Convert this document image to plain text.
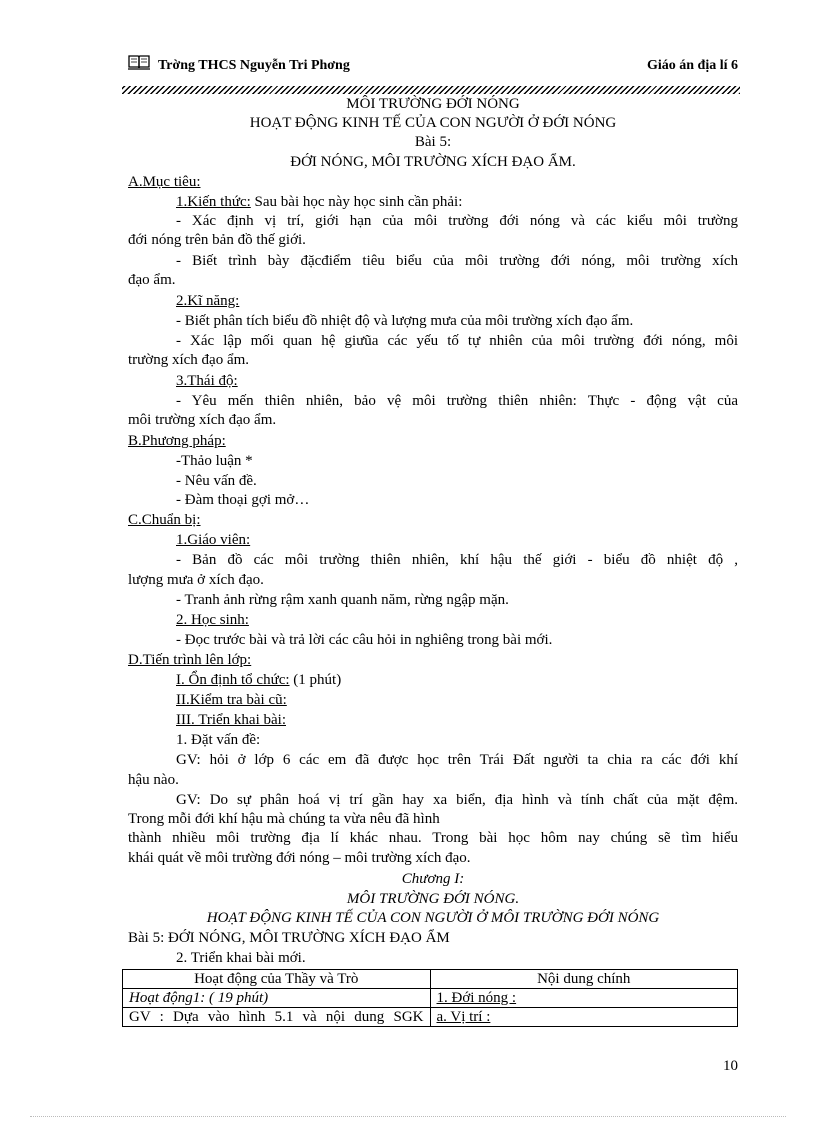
Trờng THCS Nguyễn Tri Phơng	Giáo án địa lí 6
MÔI TRƯỜNG ĐỚI NÓNG
HOẠT ĐỘNG KINH TẾ CỦA CON NGƯỜI Ở ĐỚI NÓNG
Bài 5:
ĐỚI NÓNG, MÔI TRƯỜNG XÍCH ĐẠO ẨM.
A.Mục tiêu:
1.Kiến thức: Sau bài học này học sinh cần phải:
- Xác định vị trí, giới hạn của môi trường đới nóng và các kiểu môi trường
đới nóng trên bản đồ thế giới.
- Biết trình bày đặcđiểm tiêu biểu của môi trường đới nóng, môi trường xích
đạo ẩm.
2.Kĩ năng:
- Biết phân tích biểu đồ nhiệt độ và lượng mưa của môi trường xích đạo ẩm.
- Xác lập mối quan hệ giưũa các yếu tố tự nhiên của môi trường đới nóng, môi
trường xích đạo ẩm.
3.Thái độ:
- Yêu mến thiên nhiên, bảo vệ môi trường thiên nhiên: Thực - động vật của
môi trường xích đạo ẩm.
B.Phương pháp:
-Thảo luận *
- Nêu vấn đề.
- Đàm thoại gợi mở…
C.Chuẩn bị:
1.Giáo viên:
- Bản đồ các môi trường thiên nhiên, khí hậu thế giới - biểu đồ nhiệt độ ,
lượng mưa ở xích đạo.
- Tranh ảnh rừng rậm xanh quanh năm, rừng ngập mặn.
2. Học sinh:
- Đọc trước bài và trả lời các câu hỏi in nghiêng trong bài mới.
D.Tiến trình lên lớp:
I. Ổn định tổ chức: (1 phút)
II.Kiểm tra bài cũ:
III. Triển khai bài:
1. Đặt vấn đề:
GV: hỏi ở lớp 6 các em đã được học trên Trái Đất người ta chia ra các đới khí
hậu nào.
GV: Do sự phân hoá vị trí gần hay xa biển, địa hình và tính chất của mặt đệm.
Trong mỗi đới khí hậu mà chúng ta vừa nêu đã hình
thành nhiều môi trường địa lí khác nhau. Trong bài học hôm nay chúng sẽ tìm hiểu
khái quát về môi trường đới nóng – môi trường xích đạo.
Chương I:
MÔI TRƯỜNG ĐỚI NÓNG.
HOẠT ĐỘNG KINH TẾ CỦA CON NGƯỜI Ở MÔI TRƯỜNG ĐỚI NÓNG
Bài 5: ĐỚI NÓNG, MÔI TRƯỜNG XÍCH ĐẠO ẨM
2. Triển khai bài mới.
Hoạt động của Thầy và Trò	Nội dung chính
Hoạt động1: ( 19 phút)	1. Đới nóng :
GV : Dựa vào hình 5.1 và nội dung SGK	a. Vị trí :
10
